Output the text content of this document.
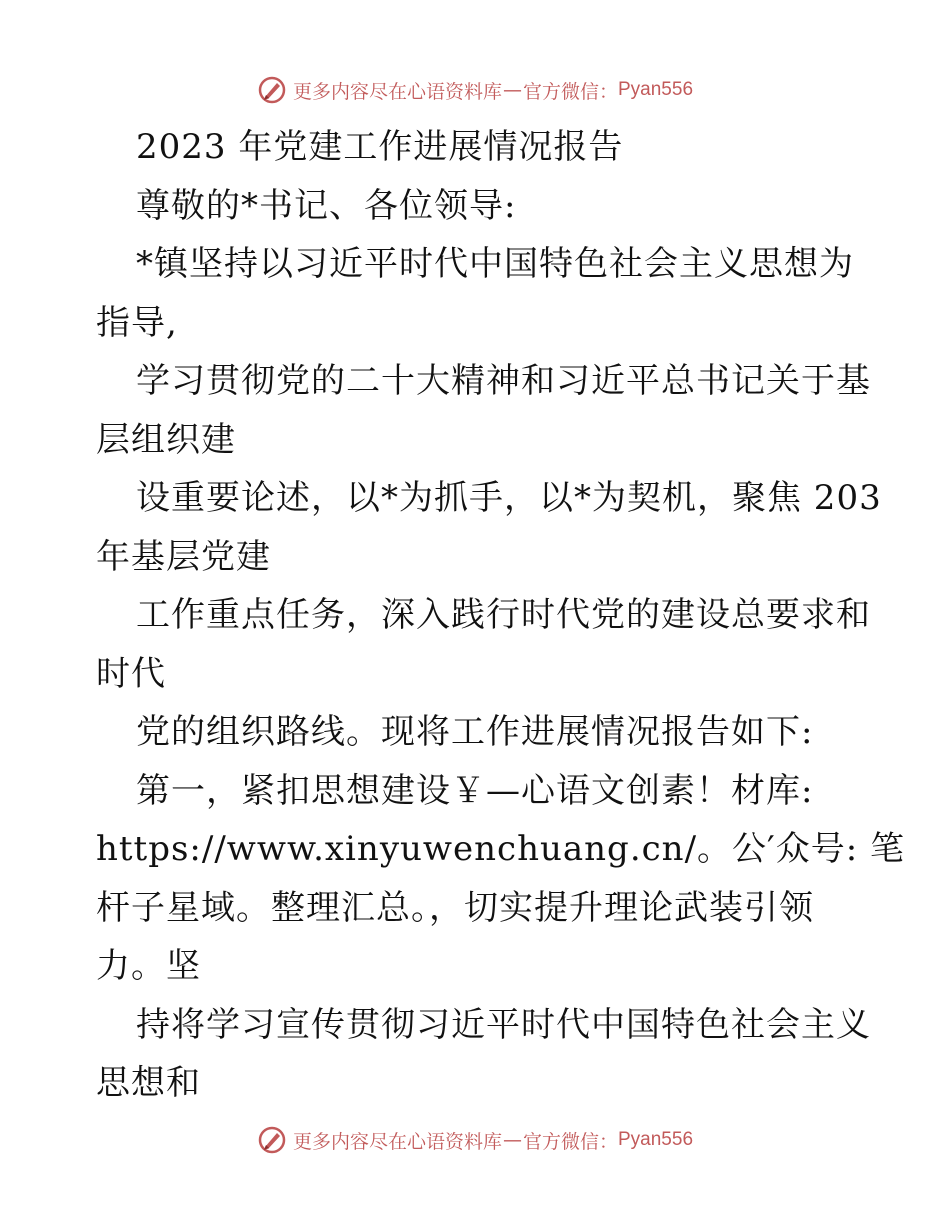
更多内容尽在心语资料库 — 官方微信： Pyan556
2023 年党建工作进展情况报告
尊敬的*书记、各位领导:
*镇坚持以习近平时代中国特色社会主义思想为
指导,
学习贯彻党的二十大精神和习近平总书记关于基
层组织建
设重要论述，以*为抓手，以*为契机，聚焦 203
年基层党建
工作重点任务，深入践行时代党的建设总要求和
时代
党的组织路线。现将工作进展情况报告如下:
第一，紧扣思想建设￥—心语文创素！材库:
https://www.xinyuwenchuang.cn/。公′众号: 笔
杆子星域。整理汇总。，切实提升理论武装引领
力。坚
持将学习宣传贯彻习近平时代中国特色社会主义
思想和
更多内容尽在心语资料库 — 官方微信： Pyan556
